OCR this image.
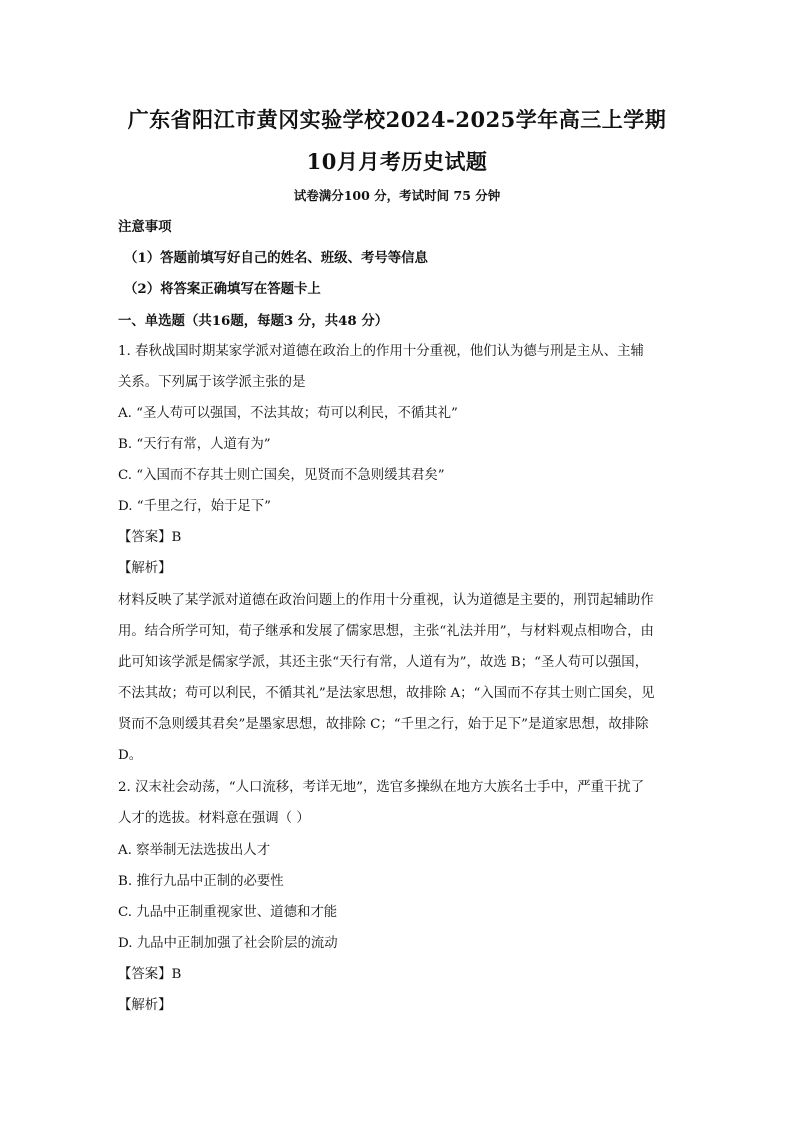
广东省阳江市黄冈实验学校2024-2025学年高三上学期
10月月考历史试题
试卷满分100 分，考试时间 75 分钟
注意事项
（1）答题前填写好自己的姓名、班级、考号等信息
（2）将答案正确填写在答题卡上
一、单选题（共16题，每题3 分，共48 分）
1. 春秋战国时期某家学派对道德在政治上的作用十分重视，他们认为德与刑是主从、主辅
关系。下列属于该学派主张的是
A. “圣人苟可以强国，不法其故；苟可以利民，不循其礼”
B. “天行有常，人道有为”
C. “入国而不存其士则亡国矣，见贤而不急则缓其君矣”
D. “千里之行，始于足下”
【答案】B
【解析】
材料反映了某学派对道德在政治问题上的作用十分重视，认为道德是主要的，刑罚起辅助作
用。结合所学可知，荀子继承和发展了儒家思想，主张“礼法并用”，与材料观点相吻合，由
此可知该学派是儒家学派，其还主张“天行有常，人道有为”，故选 B；“圣人苟可以强国，
不法其故；苟可以利民，不循其礼”是法家思想，故排除 A；“入国而不存其士则亡国矣，见
贤而不急则缓其君矣”是墨家思想，故排除 C；“千里之行，始于足下”是道家思想，故排除
D。
2. 汉末社会动荡，“人口流移，考详无地”，选官多操纵在地方大族名士手中，严重干扰了
人才的选拔。材料意在强调（ ）
A. 察举制无法选拔出人才
B. 推行九品中正制的必要性
C. 九品中正制重视家世、道德和才能
D. 九品中正制加强了社会阶层的流动
【答案】B
【解析】
